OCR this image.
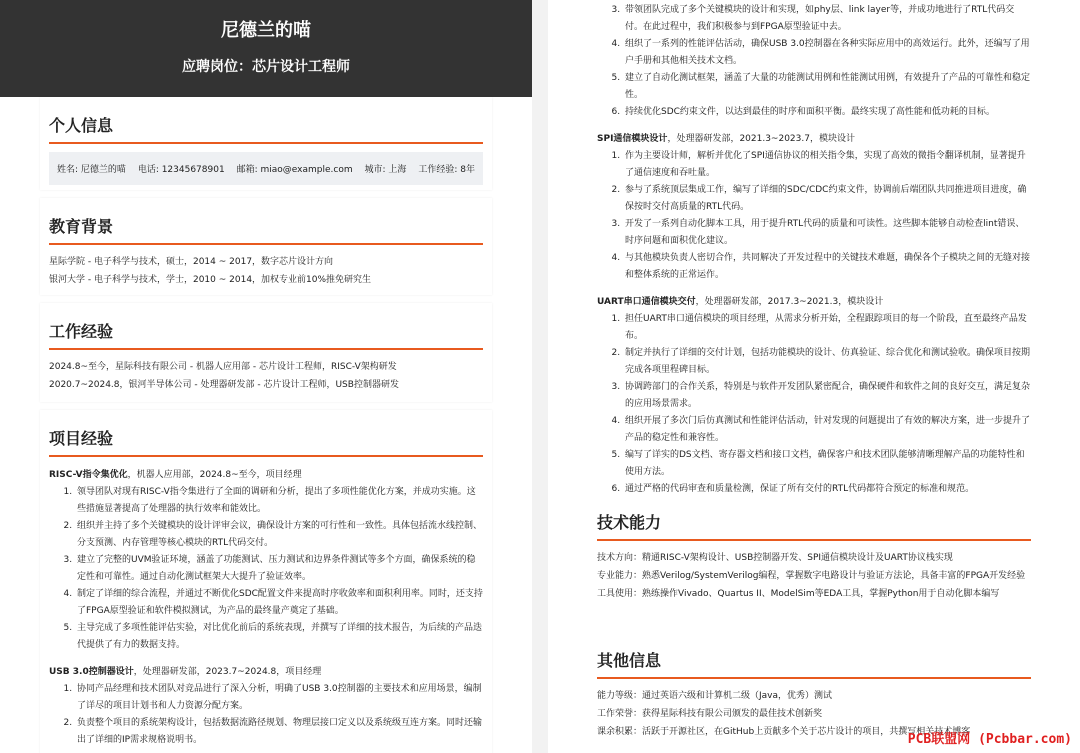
尼德兰的喵
应聘岗位：芯片设计工程师
个人信息
姓名: 尼德兰的喵 电话: 12345678901 邮箱: miao@example.com 城市: 上海 工作经验: 8年
教育背景
星际学院 - 电子科学与技术，硕士，2014 ~ 2017，数字芯片设计方向
银河大学 - 电子科学与技术，学士，2010 ~ 2014，加权专业前10%推免研究生
工作经验
2024.8~至今，星际科技有限公司 - 机器人应用部 - 芯片设计工程师，RISC-V架构研发
2020.7~2024.8，银河半导体公司 - 处理器研发部 - 芯片设计工程师，USB控制器研发
项目经验
RISC-V指令集优化，机器人应用部，2024.8~至今，项目经理
1. 领导团队对现有RISC-V指令集进行了全面的调研和分析，提出了多项性能优化方案，并成功实施。这些措施显著提高了处理器的执行效率和能效比。
2. 组织并主持了多个关键模块的设计评审会议，确保设计方案的可行性和一致性。具体包括流水线控制、分支预测、内存管理等核心模块的RTL代码交付。
3. 建立了完整的UVM验证环境，涵盖了功能测试、压力测试和边界条件测试等多个方面，确保系统的稳定性和可靠性。通过自动化测试框架大大提升了验证效率。
4. 制定了详细的综合流程，并通过不断优化SDC配置文件来提高时序收敛率和面积利用率。同时，还支持了FPGA原型验证和软件模拟测试，为产品的最终量产奠定了基础。
5. 主导完成了多项性能评估实验，对比优化前后的系统表现，并撰写了详细的技术报告，为后续的产品迭代提供了有力的数据支持。
USB 3.0控制器设计，处理器研发部，2023.7~2024.8，项目经理
1. 协同产品经理和技术团队对竞品进行了深入分析，明确了USB 3.0控制器的主要技术和应用场景，编制了详尽的项目计划书和人力资源分配方案。
2. 负责整个项目的系统架构设计，包括数据流路径规划、物理层接口定义以及系统级互连方案。同时还输出了详细的IP需求规格说明书。
3. 带领团队完成了多个关键模块的设计和实现，如phy层、link layer等，并成功地进行了RTL代码交付。在此过程中，我们积极参与到FPGA原型验证中去。
4. 组织了一系列的性能评估活动，确保USB 3.0控制器在各种实际应用中的高效运行。此外，还编写了用户手册和其他相关技术文档。
5. 建立了自动化测试框架，涵盖了大量的功能测试用例和性能测试用例，有效提升了产品的可靠性和稳定性。
6. 持续优化SDC约束文件，以达到最佳的时序和面积平衡。最终实现了高性能和低功耗的目标。
SPI通信模块设计，处理器研发部，2021.3~2023.7，模块设计
1. 作为主要设计师，解析并优化了SPI通信协议的相关指令集，实现了高效的微指令翻译机制，显著提升了通信速度和吞吐量。
2. 参与了系统顶层集成工作，编写了详细的SDC/CDC约束文件，协调前后端团队共同推进项目进度，确保按时交付高质量的RTL代码。
3. 开发了一系列自动化脚本工具，用于提升RTL代码的质量和可读性。这些脚本能够自动检查lint错误、时序问题和面积优化建议。
4. 与其他模块负责人密切合作，共同解决了开发过程中的关键技术难题，确保各个子模块之间的无缝对接和整体系统的正常运作。
UART串口通信模块交付，处理器研发部，2017.3~2021.3，模块设计
1. 担任UART串口通信模块的项目经理，从需求分析开始，全程跟踪项目的每一个阶段，直至最终产品发布。
2. 制定并执行了详细的交付计划，包括功能模块的设计、仿真验证、综合优化和测试验收。确保项目按期完成各项里程碑目标。
3. 协调跨部门的合作关系，特别是与软件开发团队紧密配合，确保硬件和软件之间的良好交互，满足复杂的应用场景需求。
4. 组织开展了多次门后仿真测试和性能评估活动，针对发现的问题提出了有效的解决方案，进一步提升了产品的稳定性和兼容性。
5. 编写了详实的DS文档、寄存器文档和接口文档，确保客户和技术团队能够清晰理解产品的功能特性和使用方法。
6. 通过严格的代码审查和质量检测，保证了所有交付的RTL代码都符合预定的标准和规范。
技术能力
技术方向：精通RISC-V架构设计、USB控制器开发、SPI通信模块设计及UART协议栈实现
专业能力：熟悉Verilog/SystemVerilog编程，掌握数字电路设计与验证方法论，具备丰富的FPGA开发经验
工具使用：熟练操作Vivado、Quartus II、ModelSim等EDA工具，掌握Python用于自动化脚本编写
其他信息
能力等级：通过英语六级和计算机二级（Java，优秀）测试
工作荣誉：获得星际科技有限公司颁发的最佳技术创新奖
课余积累：活跃于开源社区，在GitHub上贡献多个关于芯片设计的项目，共撰写相关技术博客
PCB联盟网 (Pcbbar.com)
